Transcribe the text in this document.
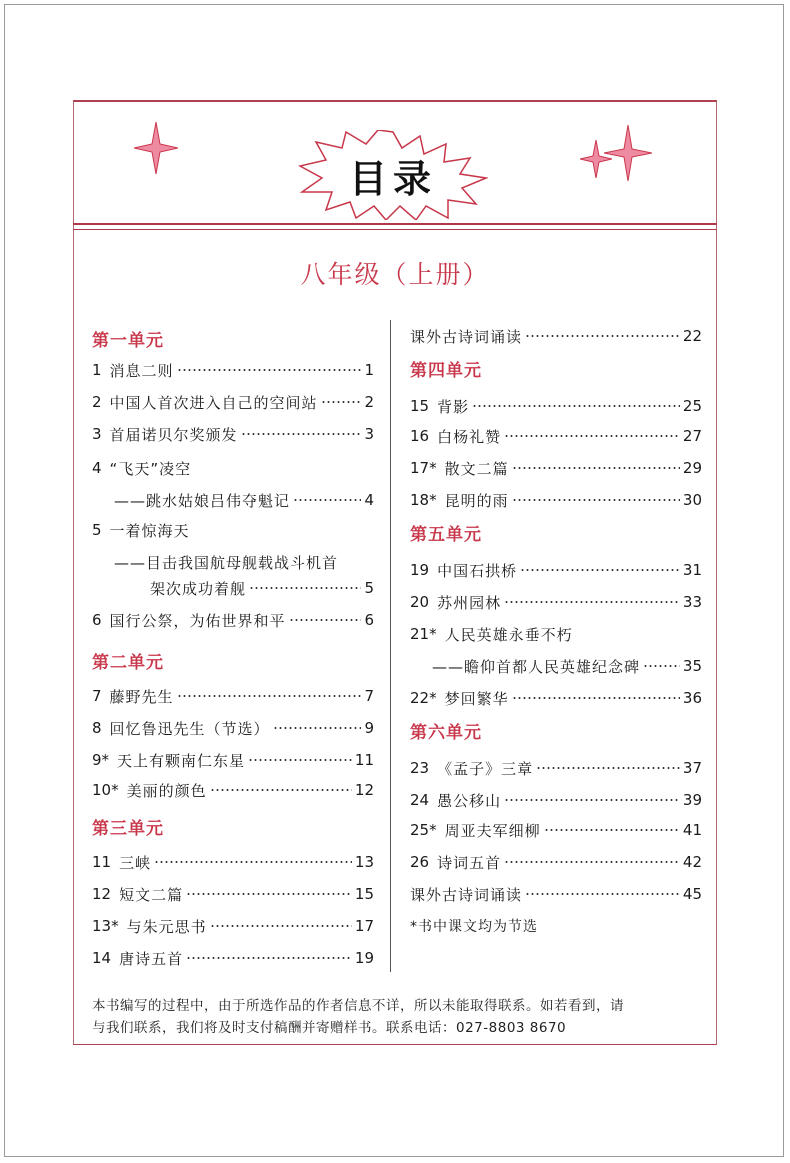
目录
八年级（上册）
第一单元
1 消息二则	1
2 中国人首次进入自己的空间站	2
3 首届诺贝尔奖颁发	3
4 “飞天”凌空
——跳水姑娘吕伟夺魁记	4
5 一着惊海天
——目击我国航母舰载战斗机首
架次成功着舰	5
6 国行公祭，为佑世界和平	6
第二单元
7 藤野先生	7
8 回忆鲁迅先生（节选）	9
9* 天上有颗南仁东星	11
10* 美丽的颜色	12
第三单元
11 三峡	13
12 短文二篇	15
13* 与朱元思书	17
14 唐诗五首	19
课外古诗词诵读	22
第四单元
15 背影	25
16 白杨礼赞	27
17* 散文二篇	29
18* 昆明的雨	30
第五单元
19 中国石拱桥	31
20 苏州园林	33
21* 人民英雄永垂不朽
——瞻仰首都人民英雄纪念碑	35
22* 梦回繁华	36
第六单元
23 《孟子》三章	37
24 愚公移山	39
25* 周亚夫军细柳	41
26 诗词五首	42
课外古诗词诵读	45
*书中课文均为节选

本书编写的过程中，由于所选作品的作者信息不详，所以未能取得联系。如若看到，请

与我们联系，我们将及时支付稿酬并寄赠样书。联系电话：027-8803 8670
